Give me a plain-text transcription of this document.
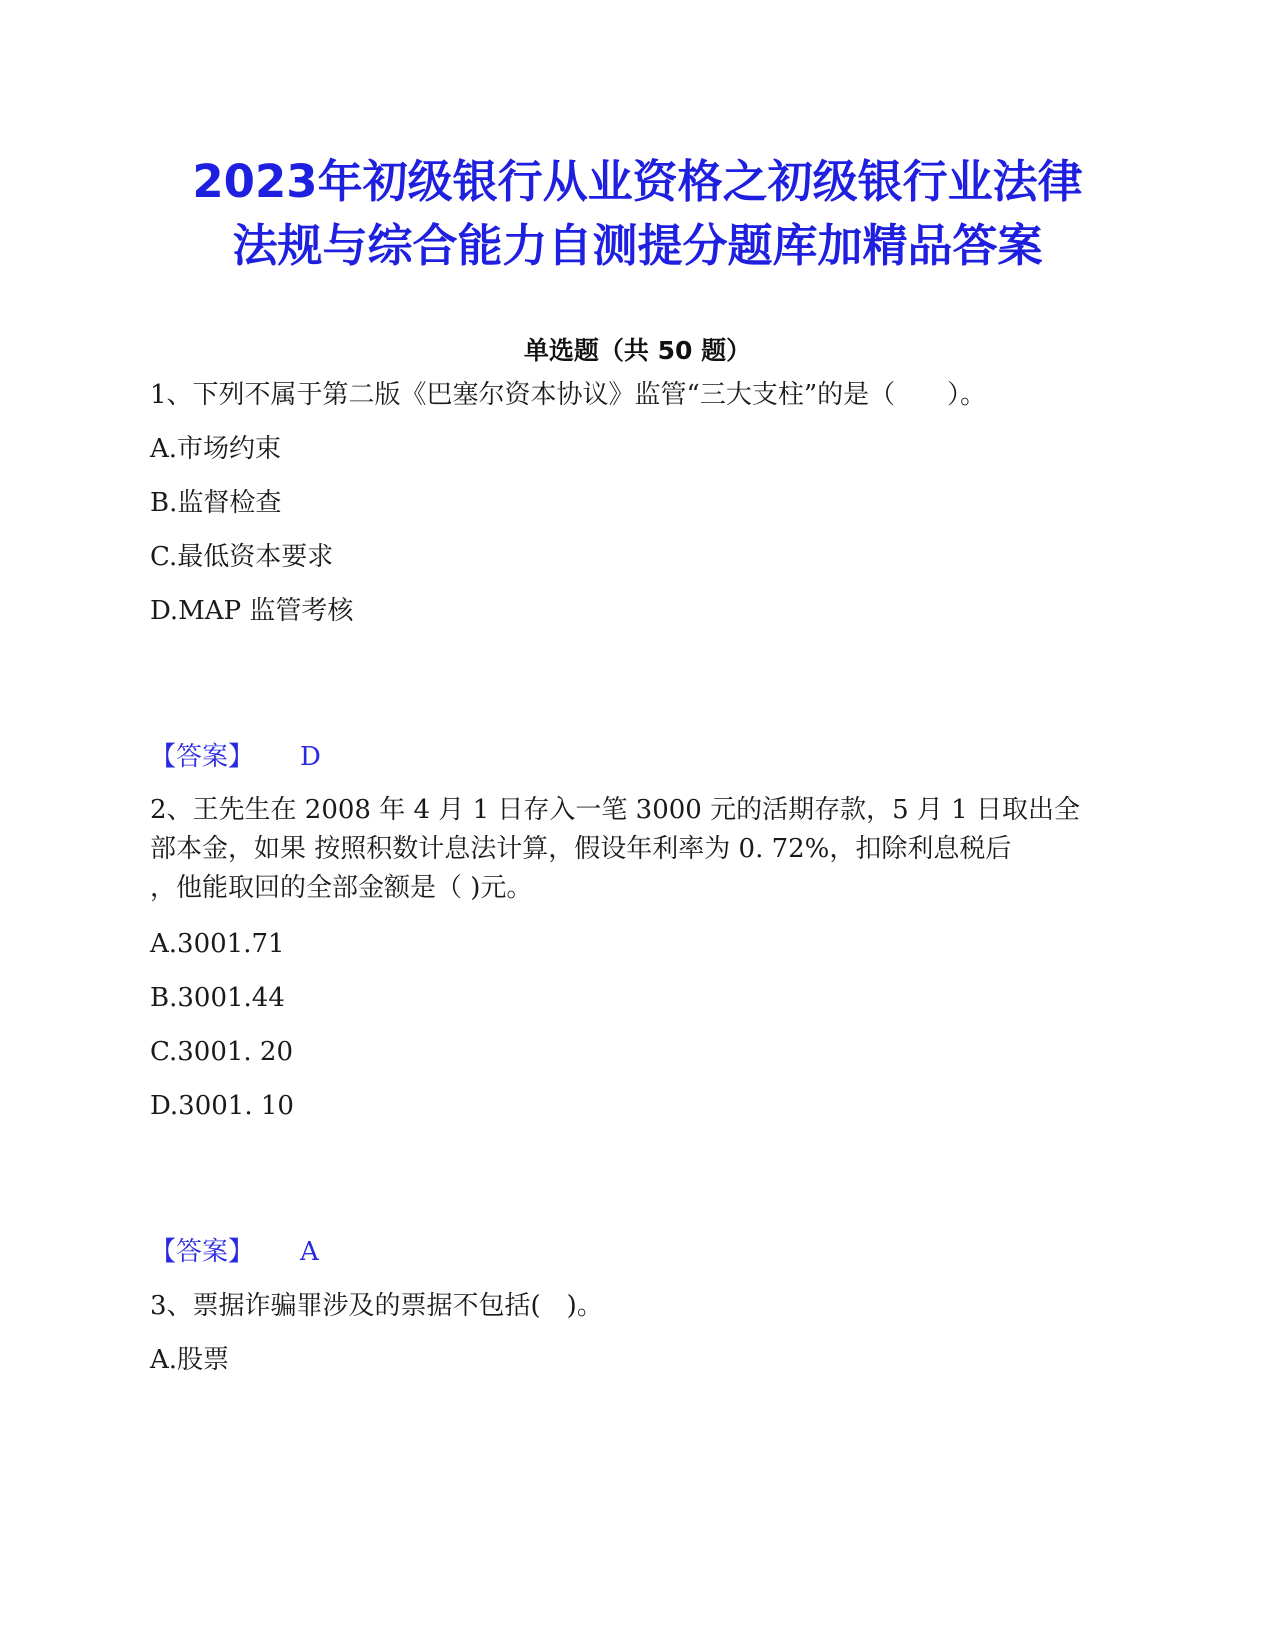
2023年初级银行从业资格之初级银行业法律
法规与综合能力自测提分题库加精品答案
单选题（共 50 题）
1、下列不属于第二版《巴塞尔资本协议》监管“三大支柱”的是（　　）。
A.市场约束
B.监督检查
C.最低资本要求
D.MAP 监管考核
【答案】 D
2、王先生在 2008 年 4 月 1 日存入一笔 3000 元的活期存款，5 月 1 日取出全
部本金，如果 按照积数计息法计算，假设年利率为 0. 72%，扣除利息税后
，他能取回的全部金额是（ )元。
A.3001.71
B.3001.44
C.3001. 20
D.3001. 10
【答案】 A
3、票据诈骗罪涉及的票据不包括(　)。
A.股票
